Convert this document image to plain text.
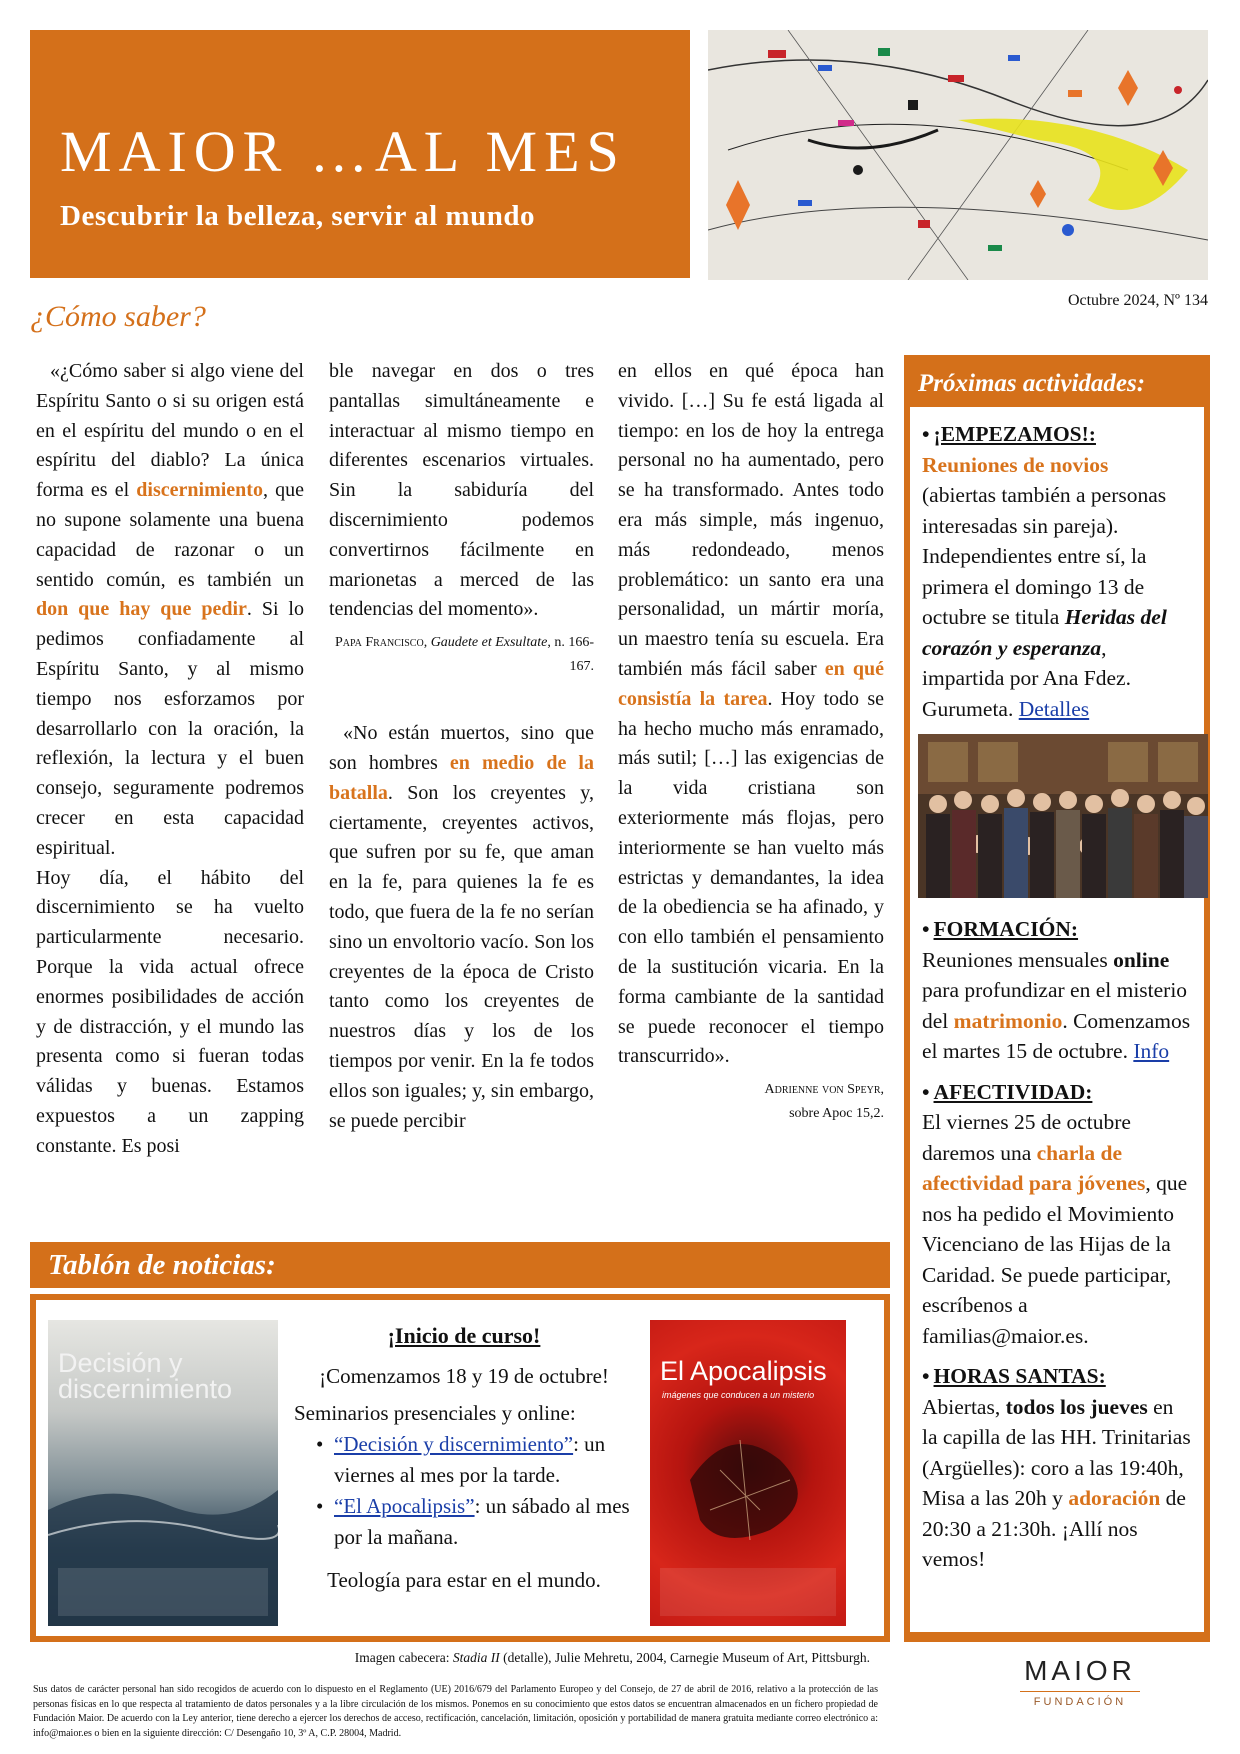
MAIOR …AL MES

Descubrir la belleza, servir al mundo

Octubre 2024, Nº 134
¿Cómo saber?

«¿Cómo saber si algo viene del Espíritu Santo o si su origen está en el espíritu del mundo o en el espíritu del diablo? La única forma es el discernimiento, que no supone solamente una buena capacidad de razonar o un sentido común, es también un don que hay que pedir. Si lo pedimos confiadamente al Espíritu Santo, y al mismo tiempo nos esforzamos por desarrollarlo con la oración, la reflexión, la lectura y el buen consejo, seguramente podremos crecer en esta capacidad espiritual.

Hoy día, el hábito del discernimiento se ha vuelto particularmente necesario. Porque la vida actual ofrece enormes posibilidades de acción y de distracción, y el mundo las presenta como si fueran todas válidas y buenas. Estamos expuestos a un zapping constante. Es posi

ble navegar en dos o tres pantallas simultáneamente e interactuar al mismo tiempo en diferentes escenarios virtuales. Sin la sabiduría del discernimiento podemos convertirnos fácilmente en marionetas a merced de las tendencias del momento».

Papa Francisco, Gaudete et Exsultate, n. 166-167.

«No están muertos, sino que son hombres en medio de la batalla. Son los creyentes y, ciertamente, creyentes activos, que sufren por su fe, que aman en la fe, para quienes la fe es todo, que fuera de la fe no serían sino un envoltorio vacío. Son los creyentes de la época de Cristo tanto como los creyentes de nuestros días y los de los tiempos por venir. En la fe todos ellos son iguales; y, sin embargo, se puede percibir

en ellos en qué época han vivido. […] Su fe está ligada al tiempo: en los de hoy la entrega personal no ha aumentado, pero se ha transformado. Antes todo era más simple, más ingenuo, más redondeado, menos problemático: un santo era una personalidad, un mártir moría, un maestro tenía su escuela. Era también más fácil saber en qué consistía la tarea. Hoy todo se ha hecho mucho más enramado, más sutil; […] las exigencias de la vida cristiana son exteriormente más flojas, pero interiormente se han vuelto más estrictas y demandantes, la idea de la obediencia se ha afinado, y con ello también el pensamiento de la sustitución vicaria. En la forma cambiante de la santidad se puede reconocer el tiempo transcurrido».

Adrienne von Speyr,
sobre Apoc 15,2.

Próximas actividades:
• ¡EMPEZAMOS!:
Reuniones de novios
(abiertas también a personas interesadas sin pareja). Independientes entre sí, la primera el domingo 13 de octubre se titula Heridas del corazón y esperanza, impartida por Ana Fdez. Gurumeta. Detalles
• FORMACIÓN:
Reuniones mensuales online para profundizar en el misterio del matrimonio. Comenzamos el martes 15 de octubre. Info
• AFECTIVIDAD:
El viernes 25 de octubre daremos una charla de afectividad para jóvenes, que nos ha pedido el Movimiento Vicenciano de las Hijas de la Caridad. Se puede participar, escríbenos a familias@maior.es.
• HORAS SANTAS:
Abiertas, todos los jueves en la capilla de las HH. Trinitarias (Argüelles): coro a las 19:40h, Misa a las 20h y adoración de 20:30 a 21:30h. ¡Allí nos vemos!
Tablón de noticias:
Decisión y discernimiento

¡Inicio de curso!

¡Comenzamos 18 y 19 de octubre!

Seminarios presenciales y online:

• “Decisión y discernimiento”: un viernes al mes por la tarde.
• “El Apocalipsis”: un sábado al mes por la mañana.

Teología para estar en el mundo.

El Apocalipsis
imágenes que conducen a un misterio
Imagen cabecera: Stadia II (detalle), Julie Mehretu, 2004, Carnegie Museum of Art, Pittsburgh.
Sus datos de carácter personal han sido recogidos de acuerdo con lo dispuesto en el Reglamento (UE) 2016/679 del Parlamento Europeo y del Consejo, de 27 de abril de 2016, relativo a la protección de las personas físicas en lo que respecta al tratamiento de datos personales y a la libre circulación de los mismos. Ponemos en su conocimiento que estos datos se encuentran almacenados en un fichero propiedad de Fundación Maior. De acuerdo con la Ley anterior, tiene derecho a ejercer los derechos de acceso, rectificación, cancelación, limitación, oposición y portabilidad de manera gratuita mediante correo electrónico a: info@maior.es o bien en la siguiente dirección: C/ Desengaño 10, 3º A, C.P. 28004, Madrid.
MAIOR
FUNDACIÓN
